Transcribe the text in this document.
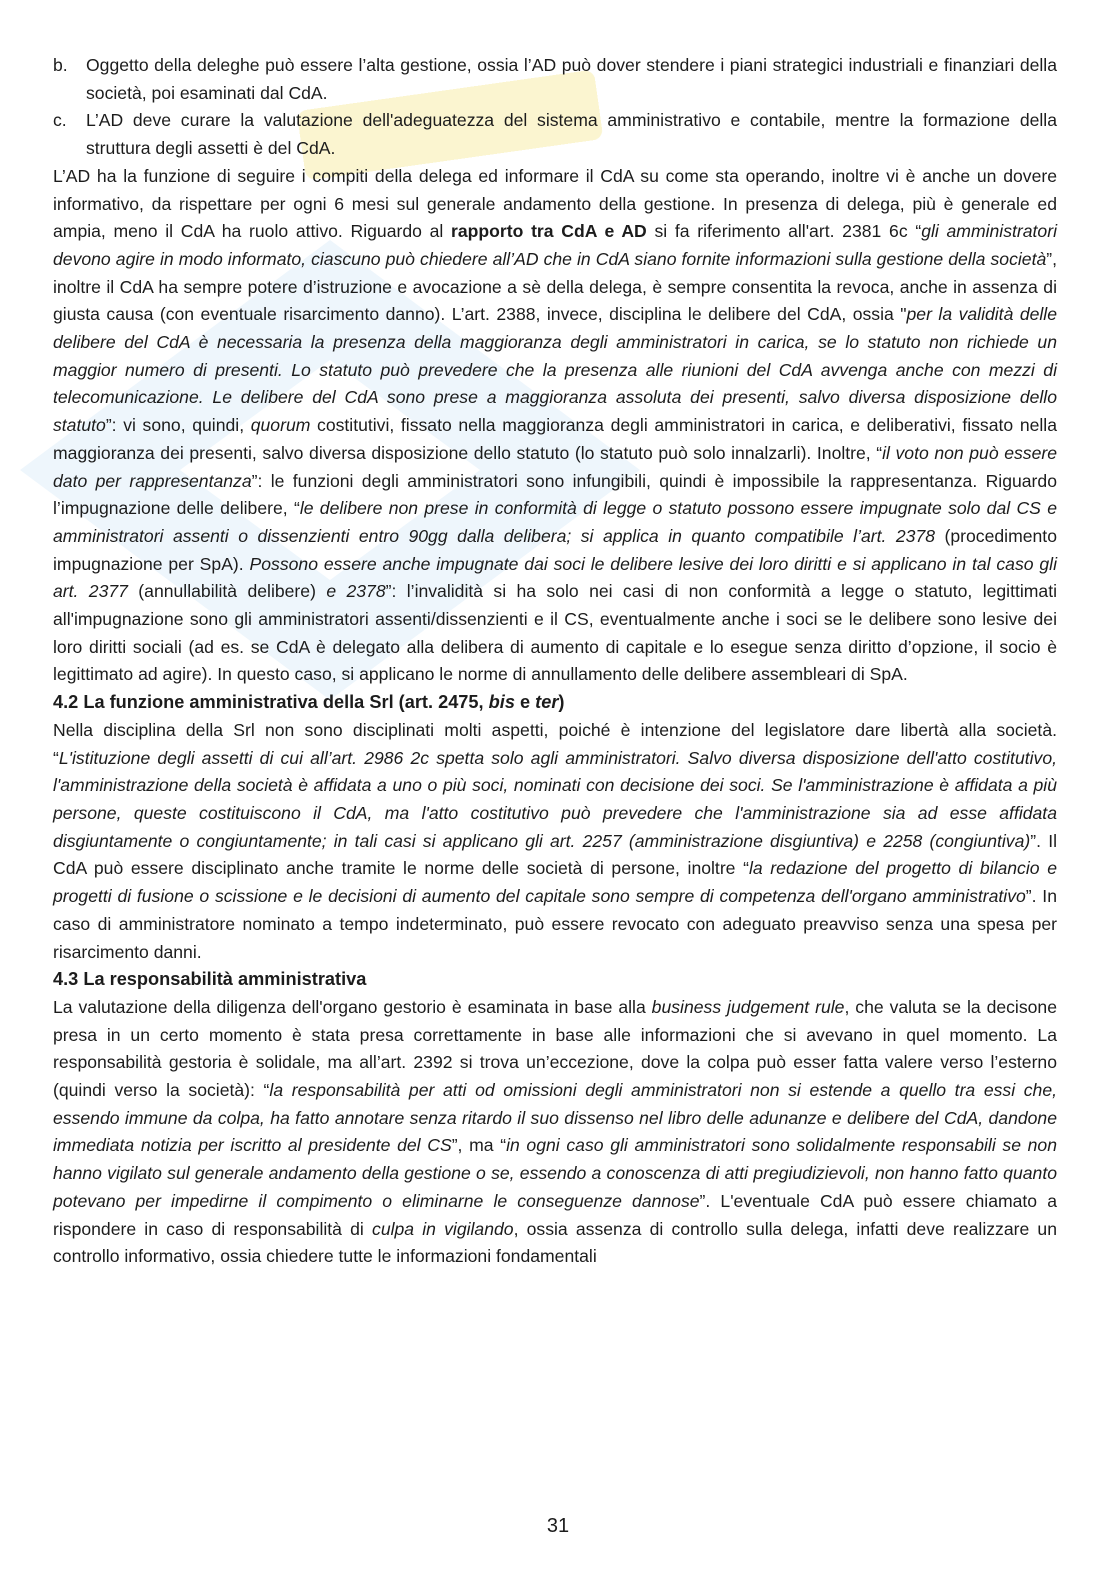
b. Oggetto della deleghe può essere l’alta gestione, ossia l’AD può dover stendere i piani strategici industriali e finanziari della società, poi esaminati dal CdA.

c. L’AD deve curare la valutazione dell'adeguatezza del sistema amministrativo e contabile, mentre la formazione della struttura degli assetti è del CdA.

L’AD ha la funzione di seguire i compiti della delega ed informare il CdA su come sta operando, inoltre vi è anche un dovere informativo, da rispettare per ogni 6 mesi sul generale andamento della gestione. In presenza di delega, più è generale ed ampia, meno il CdA ha ruolo attivo. Riguardo al rapporto tra CdA e AD si fa riferimento all'art. 2381 6c “gli amministratori devono agire in modo informato, ciascuno può chiedere all’AD che in CdA siano fornite informazioni sulla gestione della società”, inoltre il CdA ha sempre potere d’istruzione e avocazione a sè della delega, è sempre consentita la revoca, anche in assenza di giusta causa (con eventuale risarcimento danno). L’art. 2388, invece, disciplina le delibere del CdA, ossia "per la validità delle delibere del CdA è necessaria la presenza della maggioranza degli amministratori in carica, se lo statuto non richiede un maggior numero di presenti. Lo statuto può prevedere che la presenza alle riunioni del CdA avvenga anche con mezzi di telecomunicazione. Le delibere del CdA sono prese a maggioranza assoluta dei presenti, salvo diversa disposizione dello statuto”: vi sono, quindi, quorum costitutivi, fissato nella maggioranza degli amministratori in carica, e deliberativi, fissato nella maggioranza dei presenti, salvo diversa disposizione dello statuto (lo statuto può solo innalzarli). Inoltre, “il voto non può essere dato per rappresentanza”: le funzioni degli amministratori sono infungibili, quindi è impossibile la rappresentanza. Riguardo l’impugnazione delle delibere, “le delibere non prese in conformità di legge o statuto possono essere impugnate solo dal CS e amministratori assenti o dissenzienti entro 90gg dalla delibera; si applica in quanto compatibile l’art. 2378 (procedimento impugnazione per SpA). Possono essere anche impugnate dai soci le delibere lesive dei loro diritti e si applicano in tal caso gli art. 2377 (annullabilità delibere) e 2378”: l’invalidità si ha solo nei casi di non conformità a legge o statuto, legittimati all'impugnazione sono gli amministratori assenti/dissenzienti e il CS, eventualmente anche i soci se le delibere sono lesive dei loro diritti sociali (ad es. se CdA è delegato alla delibera di aumento di capitale e lo esegue senza diritto d’opzione, il socio è legittimato ad agire). In questo caso, si applicano le norme di annullamento delle delibere assembleari di SpA.

4.2 La funzione amministrativa della Srl (art. 2475, bis e ter)

Nella disciplina della Srl non sono disciplinati molti aspetti, poiché è intenzione del legislatore dare libertà alla società. “L'istituzione degli assetti di cui all’art. 2986 2c spetta solo agli amministratori. Salvo diversa disposizione dell'atto costitutivo, l'amministrazione della società è affidata a uno o più soci, nominati con decisione dei soci. Se l'amministrazione è affidata a più persone, queste costituiscono il CdA, ma l'atto costitutivo può prevedere che l'amministrazione sia ad esse affidata disgiuntamente o congiuntamente; in tali casi si applicano gli art. 2257 (amministrazione disgiuntiva) e 2258 (congiuntiva)”. Il CdA può essere disciplinato anche tramite le norme delle società di persone, inoltre “la redazione del progetto di bilancio e progetti di fusione o scissione e le decisioni di aumento del capitale sono sempre di competenza dell'organo amministrativo”. In caso di amministratore nominato a tempo indeterminato, può essere revocato con adeguato preavviso senza una spesa per risarcimento danni.

4.3 La responsabilità amministrativa

La valutazione della diligenza dell'organo gestorio è esaminata in base alla business judgement rule, che valuta se la decisone presa in un certo momento è stata presa correttamente in base alle informazioni che si avevano in quel momento. La responsabilità gestoria è solidale, ma all’art. 2392 si trova un’eccezione, dove la colpa può esser fatta valere verso l’esterno (quindi verso la società): “la responsabilità per atti od omissioni degli amministratori non si estende a quello tra essi che, essendo immune da colpa, ha fatto annotare senza ritardo il suo dissenso nel libro delle adunanze e delibere del CdA, dandone immediata notizia per iscritto al presidente del CS”, ma “in ogni caso gli amministratori sono solidalmente responsabili se non hanno vigilato sul generale andamento della gestione o se, essendo a conoscenza di atti pregiudizievoli, non hanno fatto quanto potevano per impedirne il compimento o eliminarne le conseguenze dannose”. L'eventuale CdA può essere chiamato a rispondere in caso di responsabilità di culpa in vigilando, ossia assenza di controllo sulla delega, infatti deve realizzare un controllo informativo, ossia chiedere tutte le informazioni fondamentali

31
